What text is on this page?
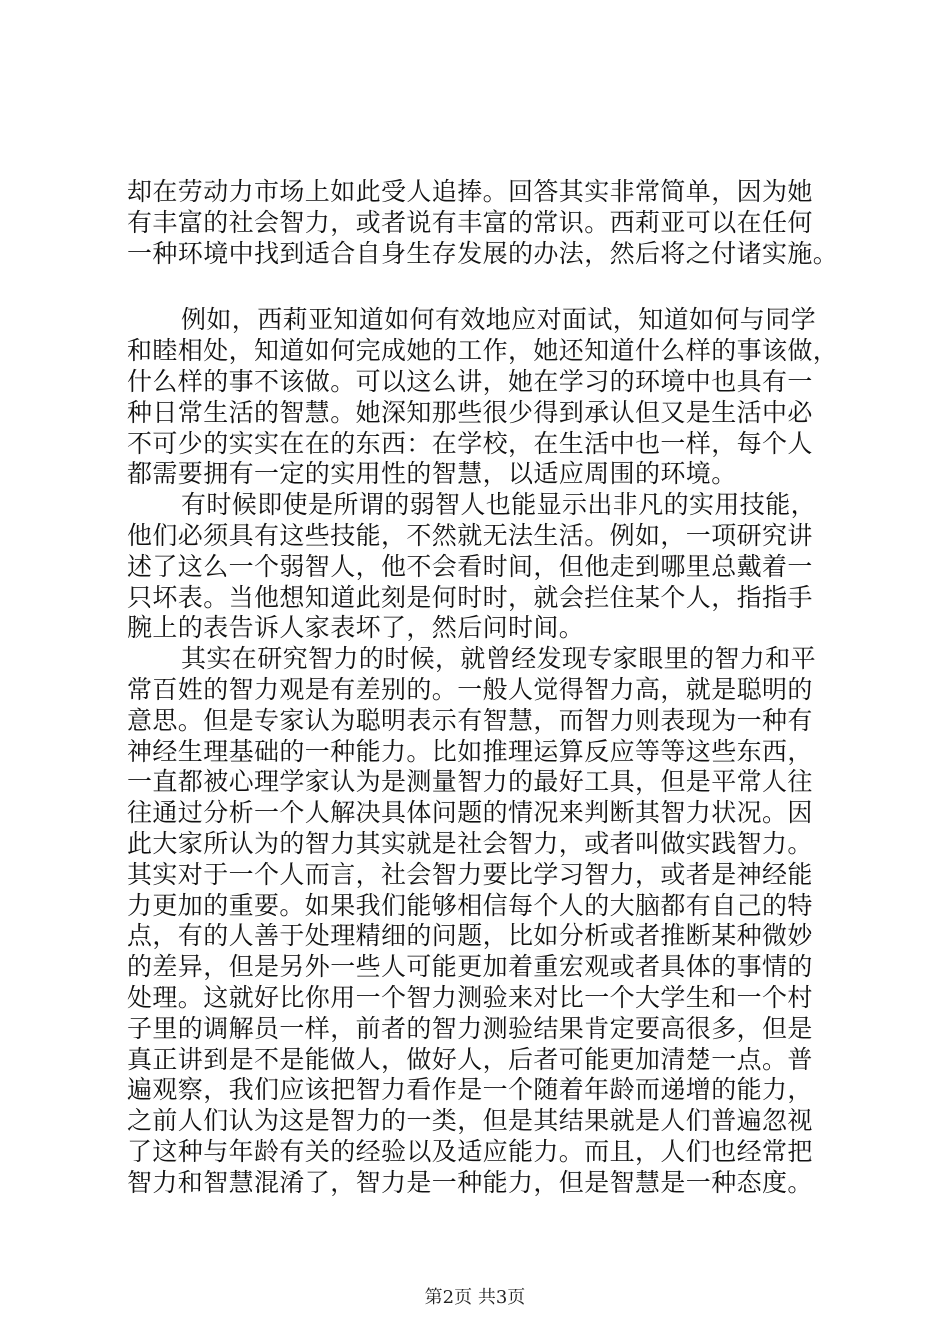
却在劳动力市场上如此受人追捧。回答其实非常简单，因为她
有丰富的社会智力，或者说有丰富的常识。西莉亚可以在任何
一种环境中找到适合自身生存发展的办法，然后将之付诸实施。
例如，西莉亚知道如何有效地应对面试，知道如何与同学
和睦相处，知道如何完成她的工作，她还知道什么样的事该做，
什么样的事不该做。可以这么讲，她在学习的环境中也具有一
种日常生活的智慧。她深知那些很少得到承认但又是生活中必
不可少的实实在在的东西：在学校，在生活中也一样，每个人
都需要拥有一定的实用性的智慧，以适应周围的环境。
有时候即使是所谓的弱智人也能显示出非凡的实用技能，
他们必须具有这些技能，不然就无法生活。例如，一项研究讲
述了这么一个弱智人，他不会看时间，但他走到哪里总戴着一
只坏表。当他想知道此刻是何时时，就会拦住某个人，指指手
腕上的表告诉人家表坏了，然后问时间。
其实在研究智力的时候，就曾经发现专家眼里的智力和平
常百姓的智力观是有差别的。一般人觉得智力高，就是聪明的
意思。但是专家认为聪明表示有智慧，而智力则表现为一种有
神经生理基础的一种能力。比如推理运算反应等等这些东西，
一直都被心理学家认为是测量智力的最好工具，但是平常人往
往通过分析一个人解决具体问题的情况来判断其智力状况。因
此大家所认为的智力其实就是社会智力，或者叫做实践智力。
其实对于一个人而言，社会智力要比学习智力，或者是神经能
力更加的重要。如果我们能够相信每个人的大脑都有自己的特
点，有的人善于处理精细的问题，比如分析或者推断某种微妙
的差异，但是另外一些人可能更加着重宏观或者具体的事情的
处理。这就好比你用一个智力测验来对比一个大学生和一个村
子里的调解员一样，前者的智力测验结果肯定要高很多，但是
真正讲到是不是能做人，做好人，后者可能更加清楚一点。普
遍观察，我们应该把智力看作是一个随着年龄而递增的能力，
之前人们认为这是智力的一类，但是其结果就是人们普遍忽视
了这种与年龄有关的经验以及适应能力。而且，人们也经常把
智力和智慧混淆了，智力是一种能力，但是智慧是一种态度。
第2页 共3页
